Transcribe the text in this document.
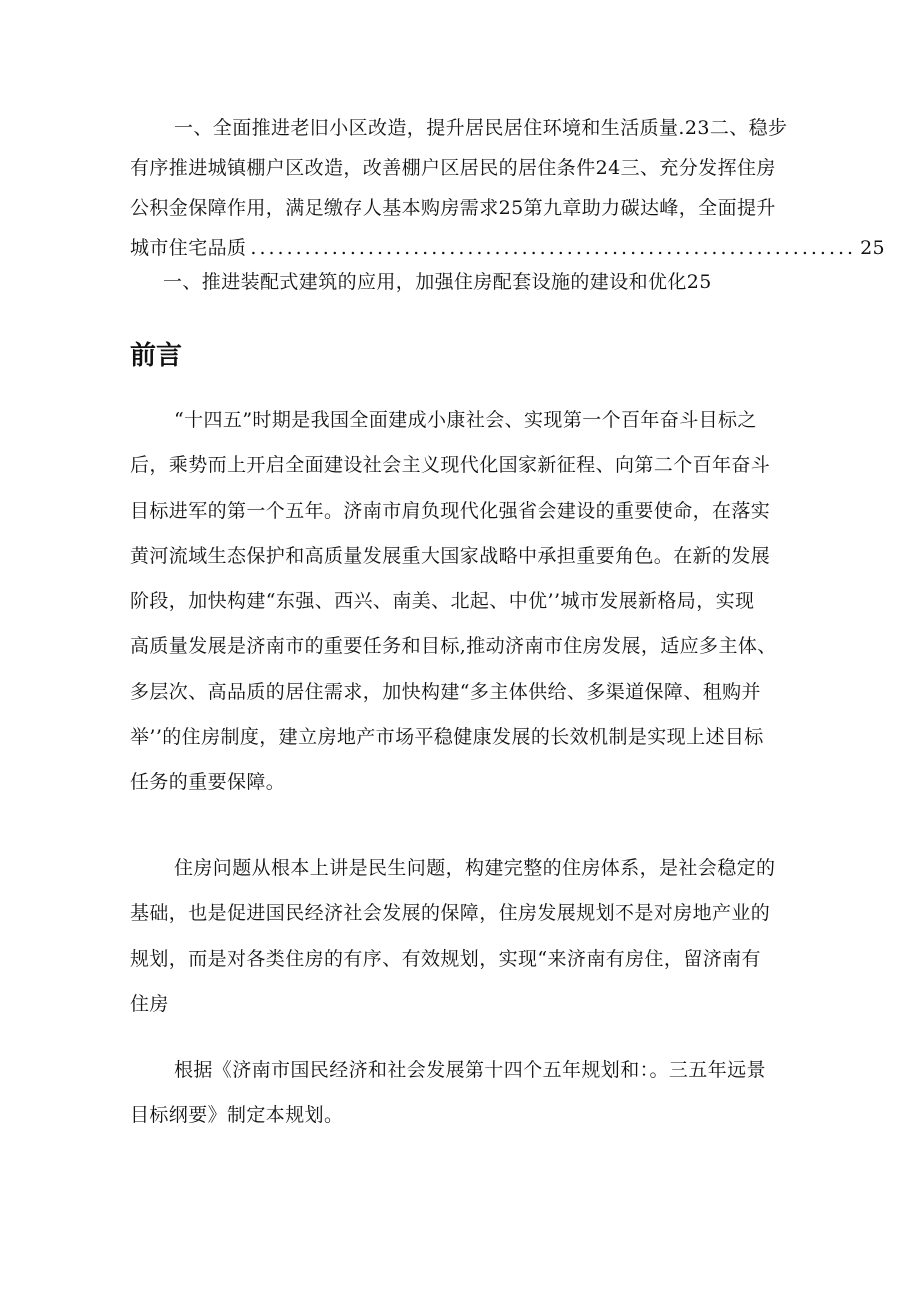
一、全面推进老旧小区改造，提升居民居住环境和生活质量.23二、稳步
有序推进城镇棚户区改造，改善棚户区居民的居住条件24三、充分发挥住房
公积金保障作用，满足缴存人基本购房需求25第九章助力碳达峰，全面提升
城市住宅品质 ................................................................... 25
一、推进装配式建筑的应用，加强住房配套设施的建设和优化25
前言
“十四五”时期是我国全面建成小康社会、实现第一个百年奋斗目标之
后，乘势而上开启全面建设社会主义现代化国家新征程、向第二个百年奋斗
目标进军的第一个五年。济南市肩负现代化强省会建设的重要使命，在落实
黄河流域生态保护和高质量发展重大国家战略中承担重要角色。在新的发展
阶段，加快构建“东强、西兴、南美、北起、中优’’城市发展新格局，实现
高质量发展是济南市的重要任务和目标,推动济南市住房发展，适应多主体、
多层次、高品质的居住需求，加快构建“多主体供给、多渠道保障、租购并
举’’的住房制度，建立房地产市场平稳健康发展的长效机制是实现上述目标
任务的重要保障。
住房问题从根本上讲是民生问题，构建完整的住房体系，是社会稳定的
基础，也是促进国民经济社会发展的保障，住房发展规划不是对房地产业的
规划，而是对各类住房的有序、有效规划，实现“来济南有房住，留济南有
住房
根据《济南市国民经济和社会发展第十四个五年规划和：。三五年远景
目标纲要》制定本规划。
